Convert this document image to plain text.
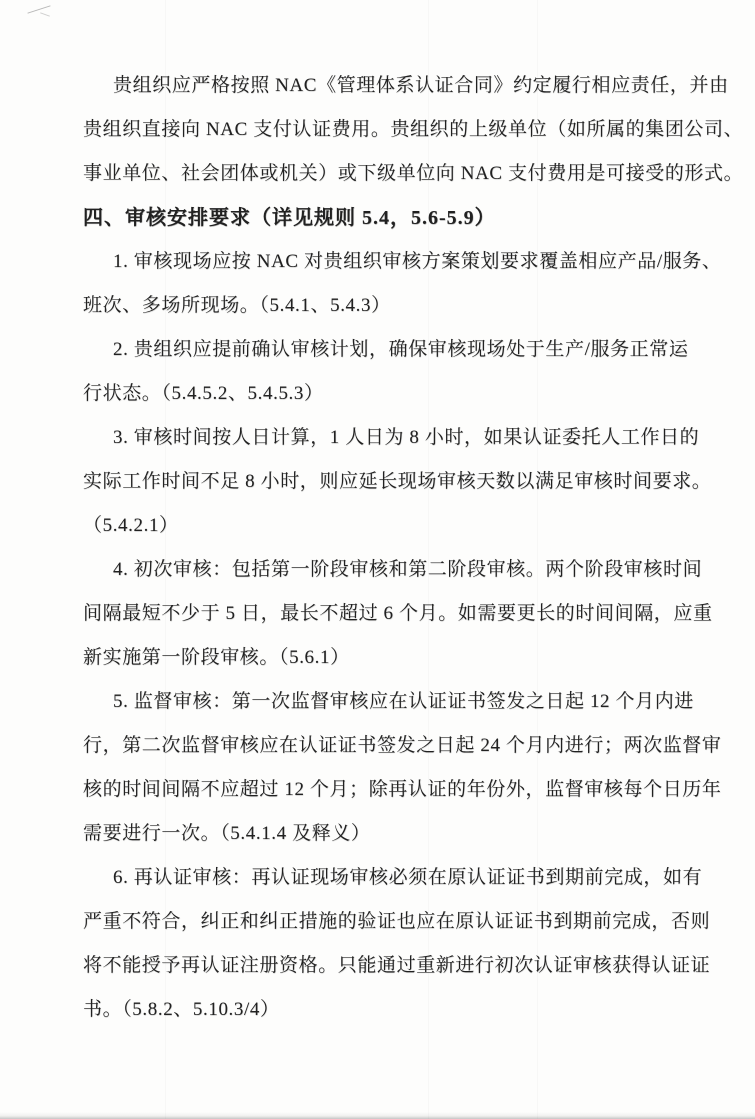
贵组织应严格按照 NAC《管理体系认证合同》约定履行相应责任，并由
贵组织直接向 NAC 支付认证费用。贵组织的上级单位（如所属的集团公司、
事业单位、社会团体或机关）或下级单位向 NAC 支付费用是可接受的形式。
四、审核安排要求（详见规则 5.4，5.6-5.9）
1. 审核现场应按 NAC 对贵组织审核方案策划要求覆盖相应产品/服务、
班次、多场所现场。（5.4.1、5.4.3）
2. 贵组织应提前确认审核计划，确保审核现场处于生产/服务正常运
行状态。（5.4.5.2、5.4.5.3）
3. 审核时间按人日计算，1 人日为 8 小时，如果认证委托人工作日的
实际工作时间不足 8 小时，则应延长现场审核天数以满足审核时间要求。
（5.4.2.1）
4. 初次审核：包括第一阶段审核和第二阶段审核。两个阶段审核时间
间隔最短不少于 5 日，最长不超过 6 个月。如需要更长的时间间隔，应重
新实施第一阶段审核。（5.6.1）
5. 监督审核：第一次监督审核应在认证证书签发之日起 12 个月内进
行，第二次监督审核应在认证证书签发之日起 24 个月内进行；两次监督审
核的时间间隔不应超过 12 个月；除再认证的年份外，监督审核每个日历年
需要进行一次。（5.4.1.4 及释义）
6. 再认证审核：再认证现场审核必须在原认证证书到期前完成，如有
严重不符合，纠正和纠正措施的验证也应在原认证证书到期前完成，否则
将不能授予再认证注册资格。只能通过重新进行初次认证审核获得认证证
书。（5.8.2、5.10.3/4）
